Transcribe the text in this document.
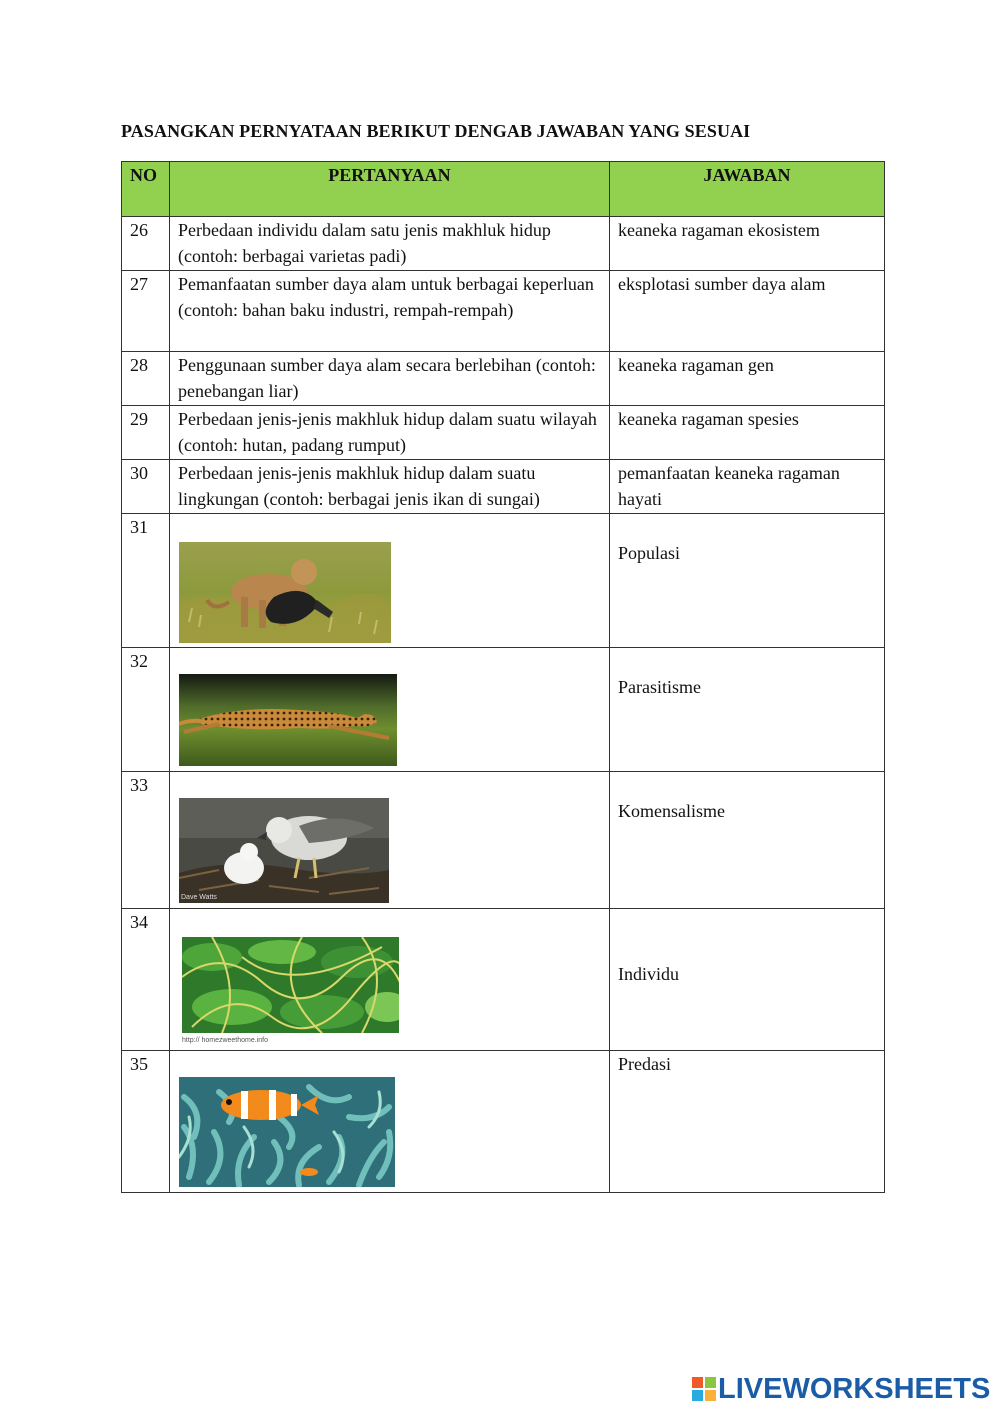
PASANGKAN PERNYATAAN BERIKUT DENGAB JAWABAN YANG SESUAI
NO	PERTANYAAN	JAWABAN
26	Perbedaan individu dalam satu jenis makhluk hidup (contoh: berbagai varietas padi)	keaneka ragaman ekosistem
27	Pemanfaatan sumber daya alam untuk berbagai keperluan (contoh: bahan baku industri, rempah-rempah)	eksplotasi sumber daya alam
28	Penggunaan sumber daya alam secara berlebihan (contoh: penebangan liar)	keaneka ragaman gen
29	Perbedaan jenis-jenis makhluk hidup dalam suatu wilayah (contoh: hutan, padang rumput)	keaneka ragaman spesies
30	Perbedaan jenis-jenis makhluk hidup dalam suatu lingkungan (contoh: berbagai jenis ikan di sungai)	pemanfaatan keaneka ragaman hayati
31		Populasi
32		Parasitisme
33	Dave Watts	Komensalisme
34	http:// homezweethome.info	Individu
35		Predasi
LIVEWORKSHEETS
